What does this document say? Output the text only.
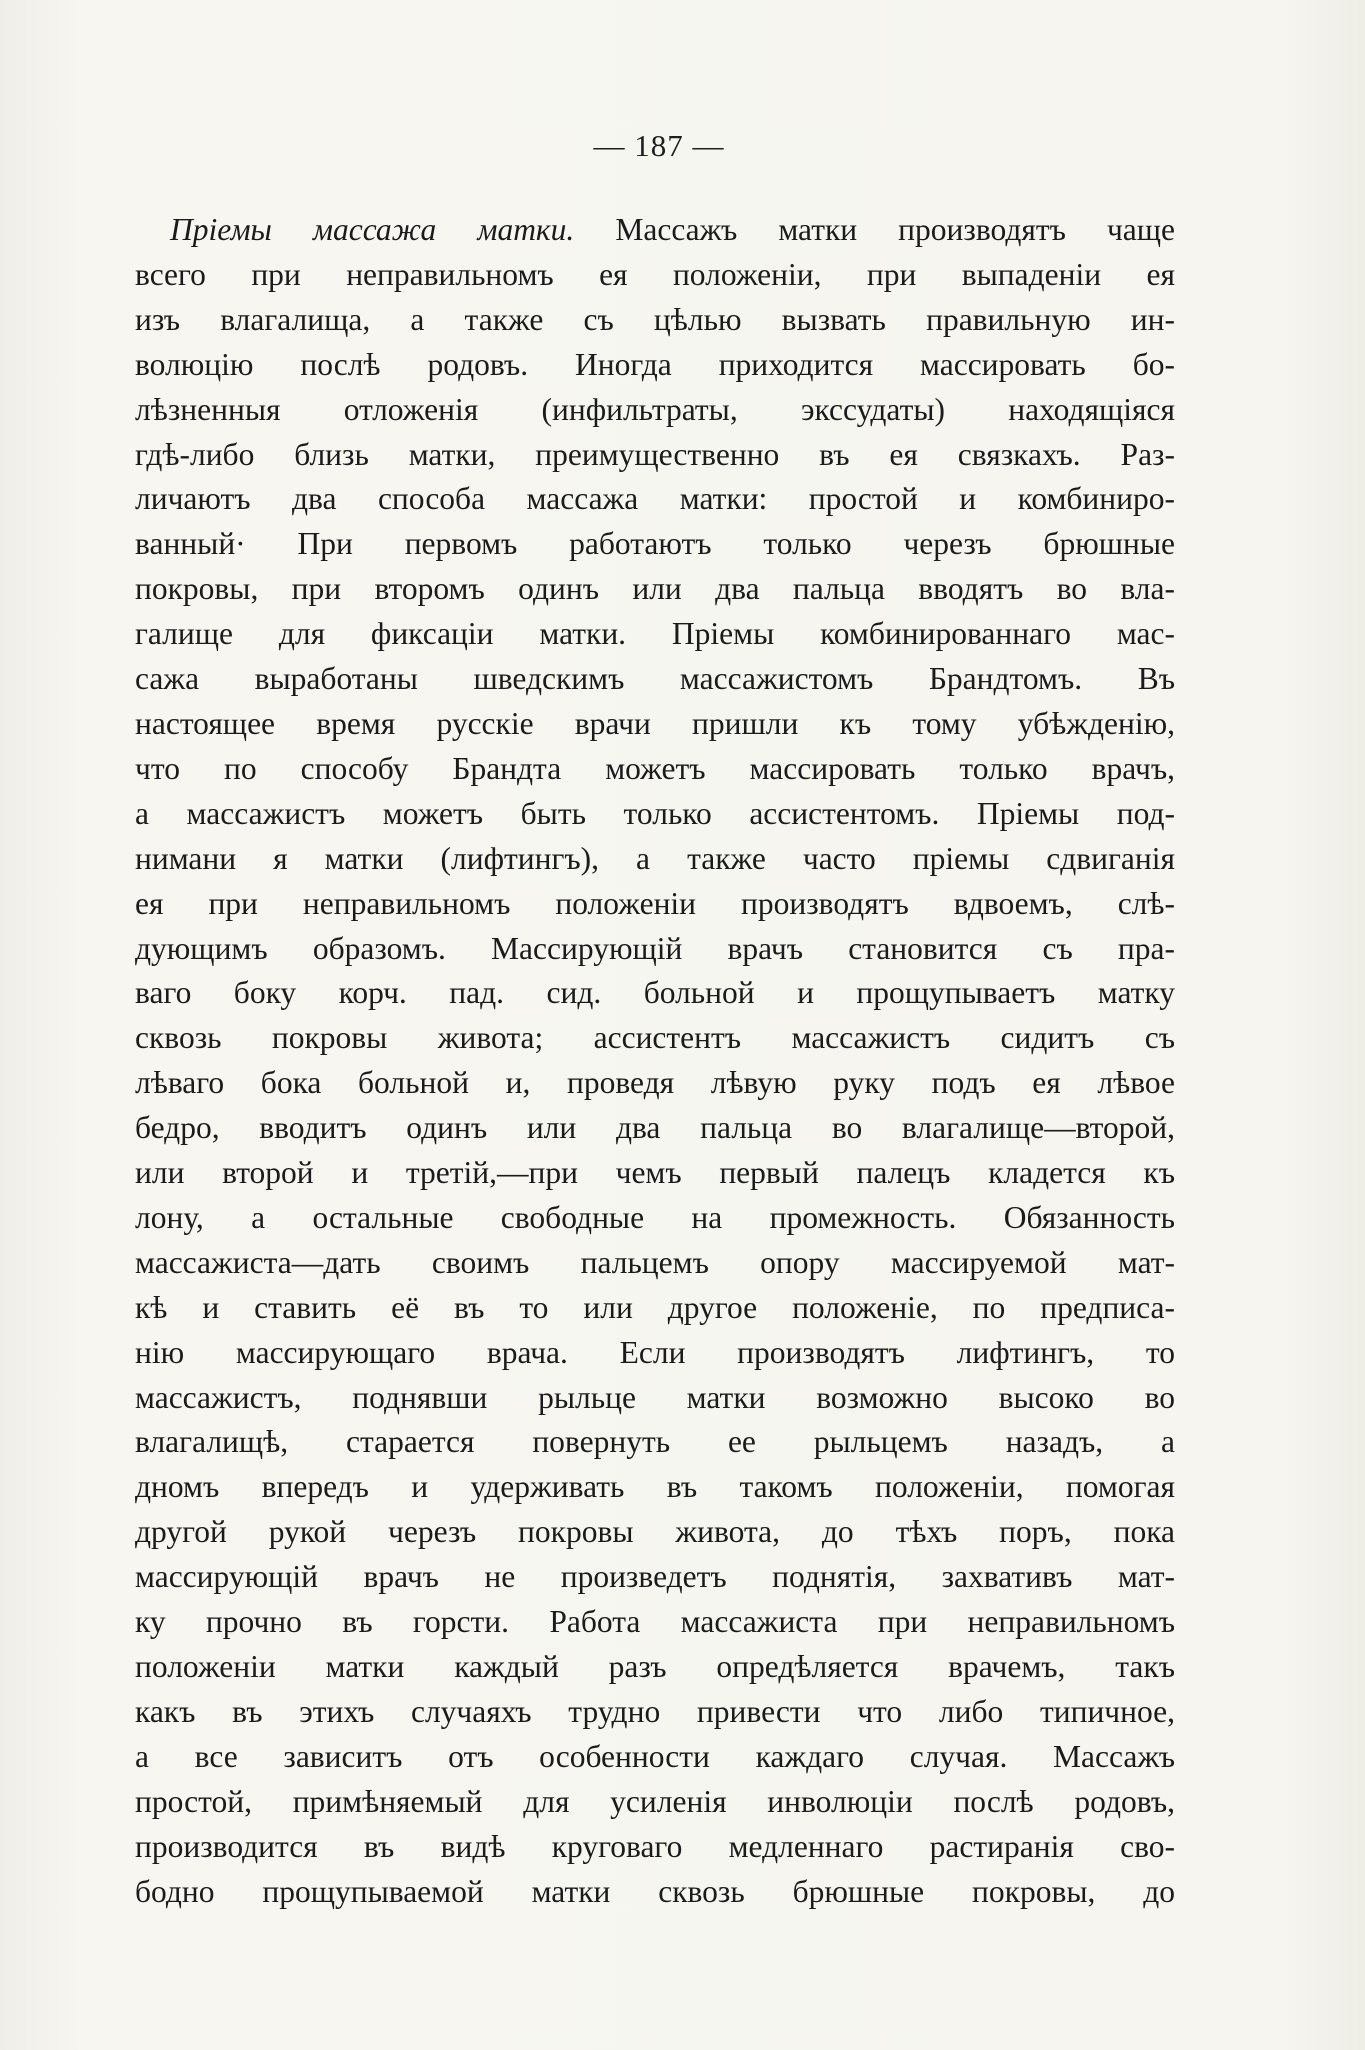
— 187 —
Пріемы массажа матки. Массажъ матки производятъ чаще
всего при неправильномъ ея положенiи, при выпаденiи ея
изъ влагалища, а также съ цѣлью вызвать правильную ин-
волюцiю послѣ родовъ. Иногда приходится массировать бо-
лѣзненныя отложенiя (инфильтраты, экссудаты) находящiяся
гдѣ-либо близь матки, преимущественно въ ея связкахъ. Раз-
личаютъ два способа массажа матки: простой и комбиниро-
ванный· При первомъ работаютъ только черезъ брюшные
покровы, при второмъ одинъ или два пальца вводятъ во вла-
галище для фиксацiи матки. Прiемы комбинированнаго мас-
сажа выработаны шведскимъ массажистомъ Брандтомъ. Въ
настоящее время русскiе врачи пришли къ тому убѣжденiю,
что по способу Брандта можетъ массировать только врачъ,
а массажистъ можетъ быть только ассистентомъ. Прiемы под-
нимани я матки (лифтингъ), а также часто прiемы сдвиганiя
ея при неправильномъ положенiи производятъ вдвоемъ, слѣ-
дующимъ образомъ. Массирующiй врачъ становится съ пра-
ваго боку корч. пад. сид. больной и прощупываетъ матку
сквозь покровы живота; ассистентъ массажистъ сидитъ съ
лѣваго бока больной и, проведя лѣвую руку подъ ея лѣвое
бедро, вводитъ одинъ или два пальца во влагалище—второй,
или второй и третiй,—при чемъ первый палецъ кладется къ
лону, а остальные свободные на промежность. Обязанность
массажиста—дать своимъ пальцемъ опору массируемой мат-
кѣ и ставить её въ то или другое положенiе, по предписа-
нiю массирующаго врача. Если производятъ лифтингъ, то
массажистъ, поднявши рыльце матки возможно высоко во
влагалищѣ, старается повернуть ее рыльцемъ назадъ, а
дномъ впередъ и удерживать въ такомъ положенiи, помогая
другой рукой черезъ покровы живота, до тѣхъ поръ, пока
массирующiй врачъ не произведетъ поднятiя, захвативъ мат-
ку прочно въ горсти. Работа массажиста при неправильномъ
положенiи матки каждый разъ опредѣляется врачемъ, такъ
какъ въ этихъ случаяхъ трудно привести что либо типичное,
а все зависитъ отъ особенности каждаго случая. Массажъ
простой, примѣняемый для усиленiя инволюцiи послѣ родовъ,
производится въ видѣ круговаго медленнаго растиранiя сво-
бодно прощупываемой матки сквозь брюшные покровы, до
